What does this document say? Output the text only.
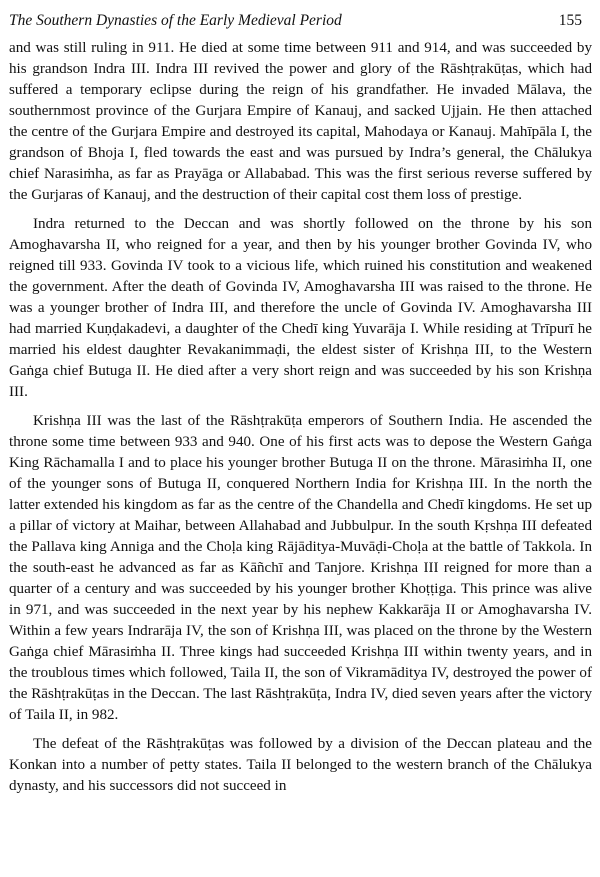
The Southern Dynasties of the Early Medieval Period	155

and was still ruling in 911. He died at some time between 911 and 914, and was succeeded by his grandson Indra III. Indra III revived the power and glory of the Rāshṭrakūṭas, which had suffered a temporary eclipse during the reign of his grandfather. He invaded Mālava, the southernmost province of the Gurjara Empire of Kanauj, and sacked Ujjain. He then attached the centre of the Gurjara Empire and destroyed its capital, Mahodaya or Kanauj. Mahīpāla I, the grandson of Bhoja I, fled towards the east and was pursued by Indra’s general, the Chālukya chief Narasiṁha, as far as Prayāga or Allababad. This was the first serious reverse suffered by the Gurjaras of Kanauj, and the destruction of their capital cost them loss of prestige.

Indra returned to the Deccan and was shortly followed on the throne by his son Amoghavarsha II, who reigned for a year, and then by his younger brother Govinda IV, who reigned till 933. Govinda IV took to a vicious life, which ruined his constitution and weakened the government. After the death of Govinda IV, Amoghavarsha III was raised to the throne. He was a younger brother of Indra III, and therefore the uncle of Govinda IV. Amoghavarsha III had married Kuṇḍakadevi, a daughter of the Chedī king Yuvarāja I. While residing at Trīpurī he married his eldest daughter Revakanimmaḍi, the eldest sister of Krishṇa III, to the Western Gaṅga chief Butuga II. He died after a very short reign and was succeeded by his son Krishṇa III.

Krishṇa III was the last of the Rāshṭrakūṭa emperors of Southern India. He ascended the throne some time between 933 and 940. One of his first acts was to depose the Western Gaṅga King Rāchamalla I and to place his younger brother Butuga II on the throne. Mārasiṁha II, one of the younger sons of Butuga II, conquered Northern India for Krishṇa III. In the north the latter extended his kingdom as far as the centre of the Chandella and Chedī kingdoms. He set up a pillar of victory at Maihar, between Allahabad and Jubbulpur. In the south Kṛshṇa III defeated the Pallava king Anniga and the Choḷa king Rājāditya-Muvāḍi-Choḷa at the battle of Takkola. In the south-east he advanced as far as Kāñchī and Tanjore. Krishṇa III reigned for more than a quarter of a century and was succeeded by his younger brother Khoṭṭiga. This prince was alive in 971, and was succeeded in the next year by his nephew Kakkarāja II or Amoghavarsha IV. Within a few years Indrarāja IV, the son of Krishṇa III, was placed on the throne by the Western Gaṅga chief Mārasiṁha II. Three kings had succeeded Krishṇa III within twenty years, and in the troublous times which followed, Taila II, the son of Vikramāditya IV, destroyed the power of the Rāshṭrakūṭas in the Deccan. The last Rāshṭrakūṭa, Indra IV, died seven years after the victory of Taila II, in 982.

The defeat of the Rāshṭrakūṭas was followed by a division of the Deccan plateau and the Konkan into a number of petty states. Taila II belonged to the western branch of the Chālukya dynasty, and his successors did not succeed in
